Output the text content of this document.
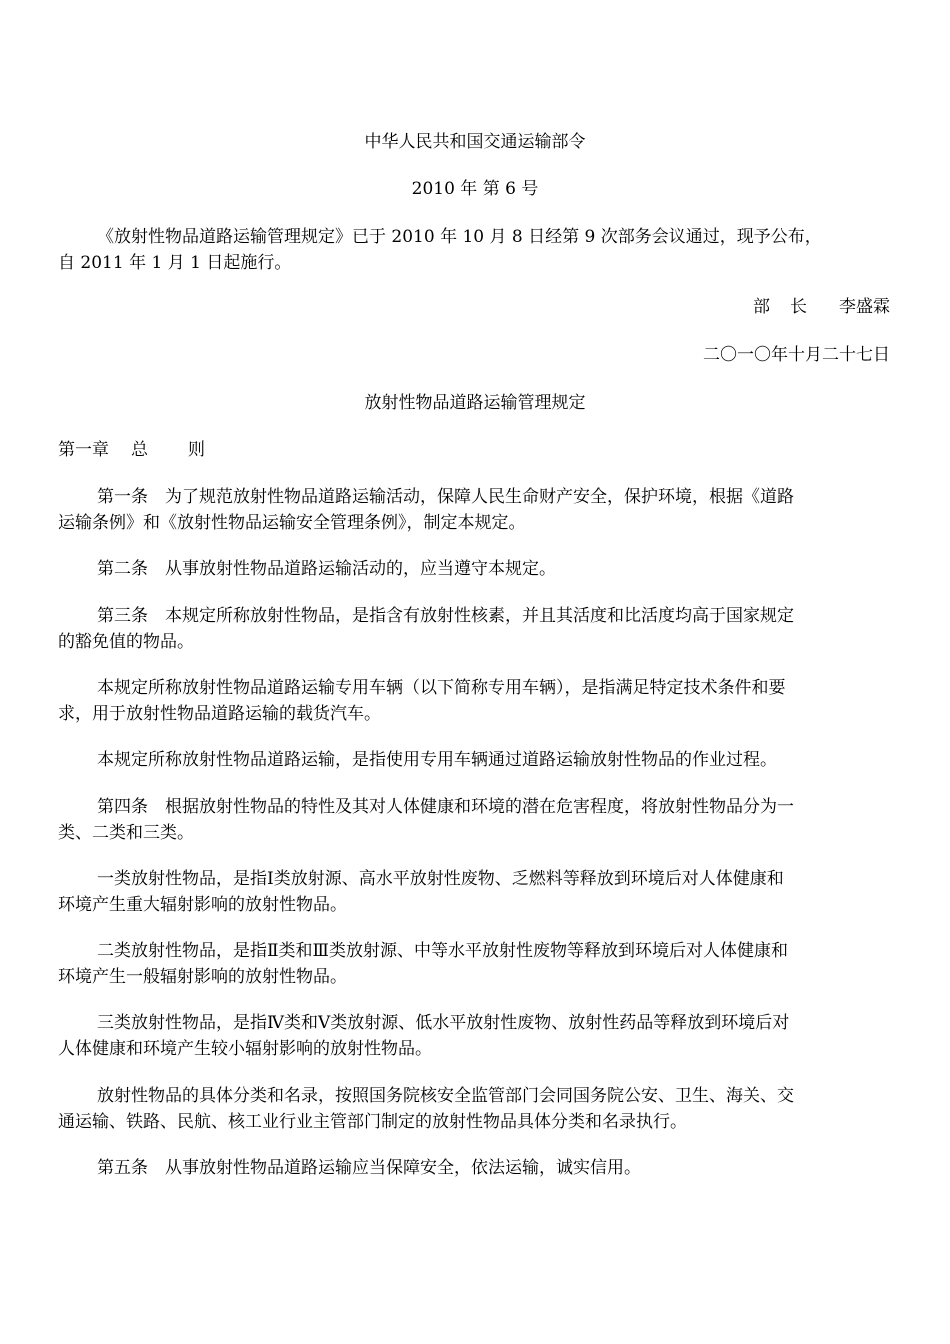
中华人民共和国交通运输部令
2010 年 第 6 号
《放射性物品道路运输管理规定》已于 2010 年 10 月 8 日经第 9 次部务会议通过，现予公布，
自 2011 年 1 月 1 日起施行。
部 长 李盛霖
二〇一〇年十月二十七日
放射性物品道路运输管理规定
第一章 总 则
第一条　为了规范放射性物品道路运输活动，保障人民生命财产安全，保护环境，根据《道路
运输条例》和《放射性物品运输安全管理条例》，制定本规定。
第二条　从事放射性物品道路运输活动的，应当遵守本规定。
第三条　本规定所称放射性物品，是指含有放射性核素，并且其活度和比活度均高于国家规定
的豁免值的物品。
本规定所称放射性物品道路运输专用车辆（以下简称专用车辆），是指满足特定技术条件和要
求，用于放射性物品道路运输的载货汽车。
本规定所称放射性物品道路运输，是指使用专用车辆通过道路运输放射性物品的作业过程。
第四条　根据放射性物品的特性及其对人体健康和环境的潜在危害程度，将放射性物品分为一
类、二类和三类。
一类放射性物品，是指Ⅰ类放射源、高水平放射性废物、乏燃料等释放到环境后对人体健康和
环境产生重大辐射影响的放射性物品。
二类放射性物品，是指Ⅱ类和Ⅲ类放射源、中等水平放射性废物等释放到环境后对人体健康和
环境产生一般辐射影响的放射性物品。
三类放射性物品，是指Ⅳ类和Ⅴ类放射源、低水平放射性废物、放射性药品等释放到环境后对
人体健康和环境产生较小辐射影响的放射性物品。
放射性物品的具体分类和名录，按照国务院核安全监管部门会同国务院公安、卫生、海关、交
通运输、铁路、民航、核工业行业主管部门制定的放射性物品具体分类和名录执行。
第五条　从事放射性物品道路运输应当保障安全，依法运输，诚实信用。
